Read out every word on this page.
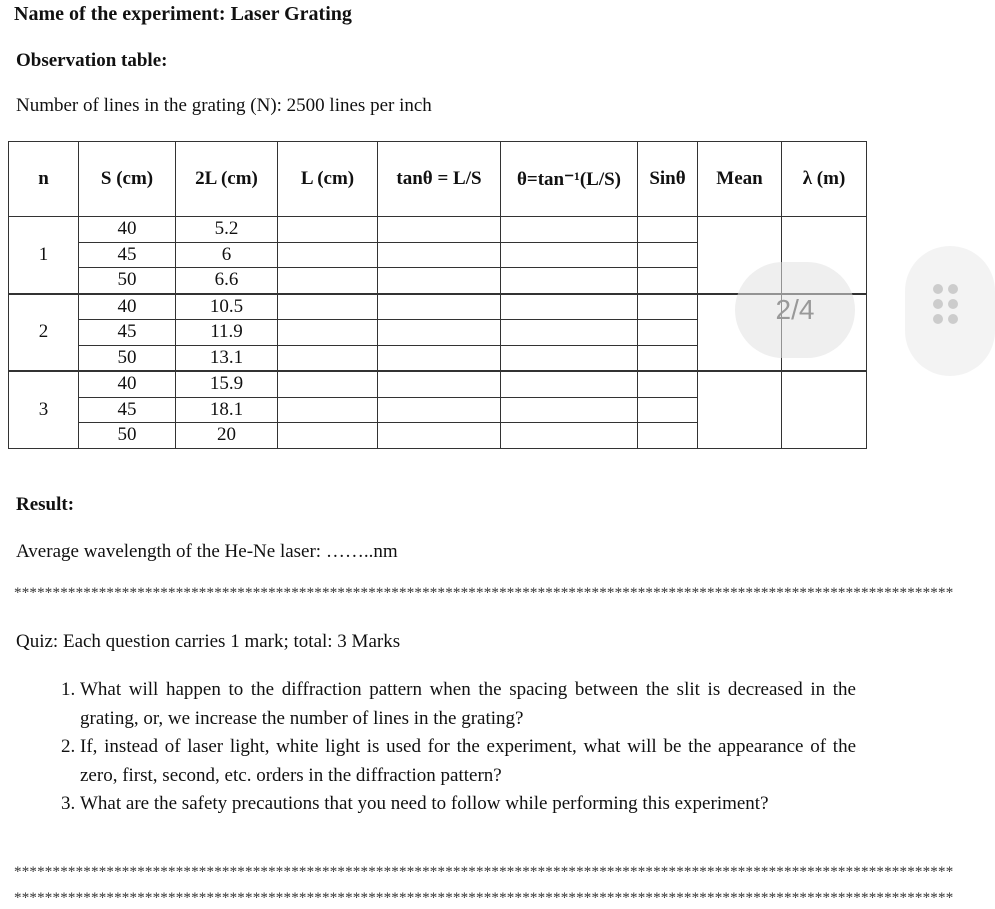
Name of the experiment: Laser Grating
Observation table:
Number of lines in the grating (N): 2500 lines per inch
n	S (cm)	2L (cm)	L (cm)	tanθ = L/S	θ=tan⁻¹(L/S)	Sinθ	Mean	λ (m)
1	40	5.2						
	45	6						
	50	6.6						
2	40	10.5						
	45	11.9						
	50	13.1						
3	40	15.9						
	45	18.1						
	50	20						
2/4
Result:
Average wavelength of the He-Ne laser: ……..nm
**************************************************************************************************************************
Quiz: Each question carries 1 mark; total: 3 Marks
1. What will happen to the diffraction pattern when the spacing between the slit is decreased in the grating, or, we increase the number of lines in the grating?
2. If, instead of laser light, white light is used for the experiment, what will be the appearance of the zero, first, second, etc. orders in the diffraction pattern?
3. What are the safety precautions that you need to follow while performing this experiment?
**************************************************************************************************************************
**************************************************************************************************************************
